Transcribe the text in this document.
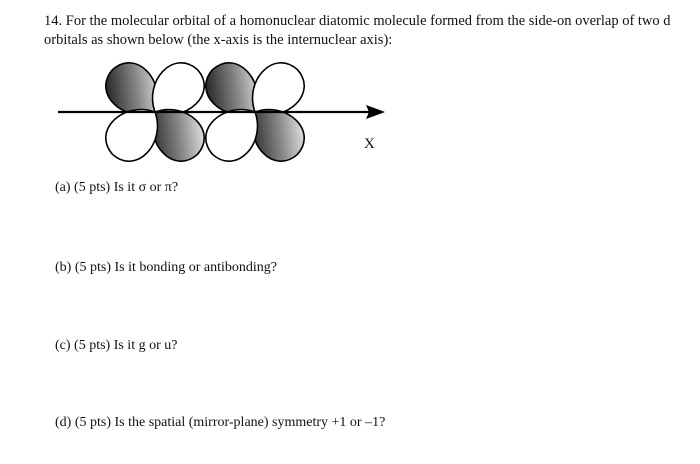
14. For the molecular orbital of a homonuclear diatomic molecule formed from the side-on overlap of two d orbitals as shown below (the x-axis is the internuclear axis):
X
(a) (5 pts) Is it σ or π?
(b) (5 pts) Is it bonding or antibonding?
(c) (5 pts) Is it g or u?
(d) (5 pts) Is the spatial (mirror-plane) symmetry +1 or –1?
